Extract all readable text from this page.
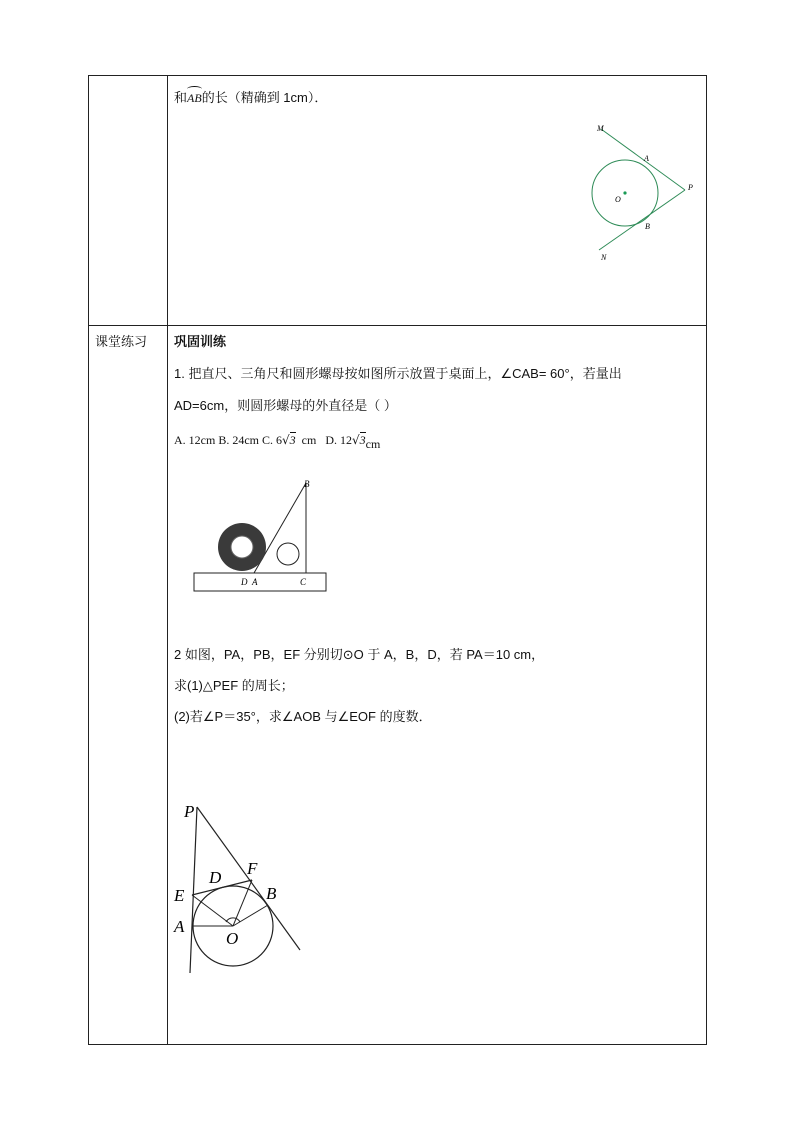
和
AB的长（精确到 1cm）．
M
A
O
P
B
N
课堂练习 巩固训练
1. 把直尺、三角尺和圆形螺母按如图所示放置于桌面上，∠CAB= 60°，若量出
AD=6cm，则圆形螺母的外直径是（ ）
A. 12cm B. 24cm C. 6√3 cm D. 12√3cm
B
D A	C
2 如图，PA，PB，EF 分别切⊙O 于 A，B，D，若 PA＝10 cm，
求(1)△PEF 的周长；
(2)若∠P＝35°，求∠AOB 与∠EOF 的度数．
P
E
D F
B
A
O
